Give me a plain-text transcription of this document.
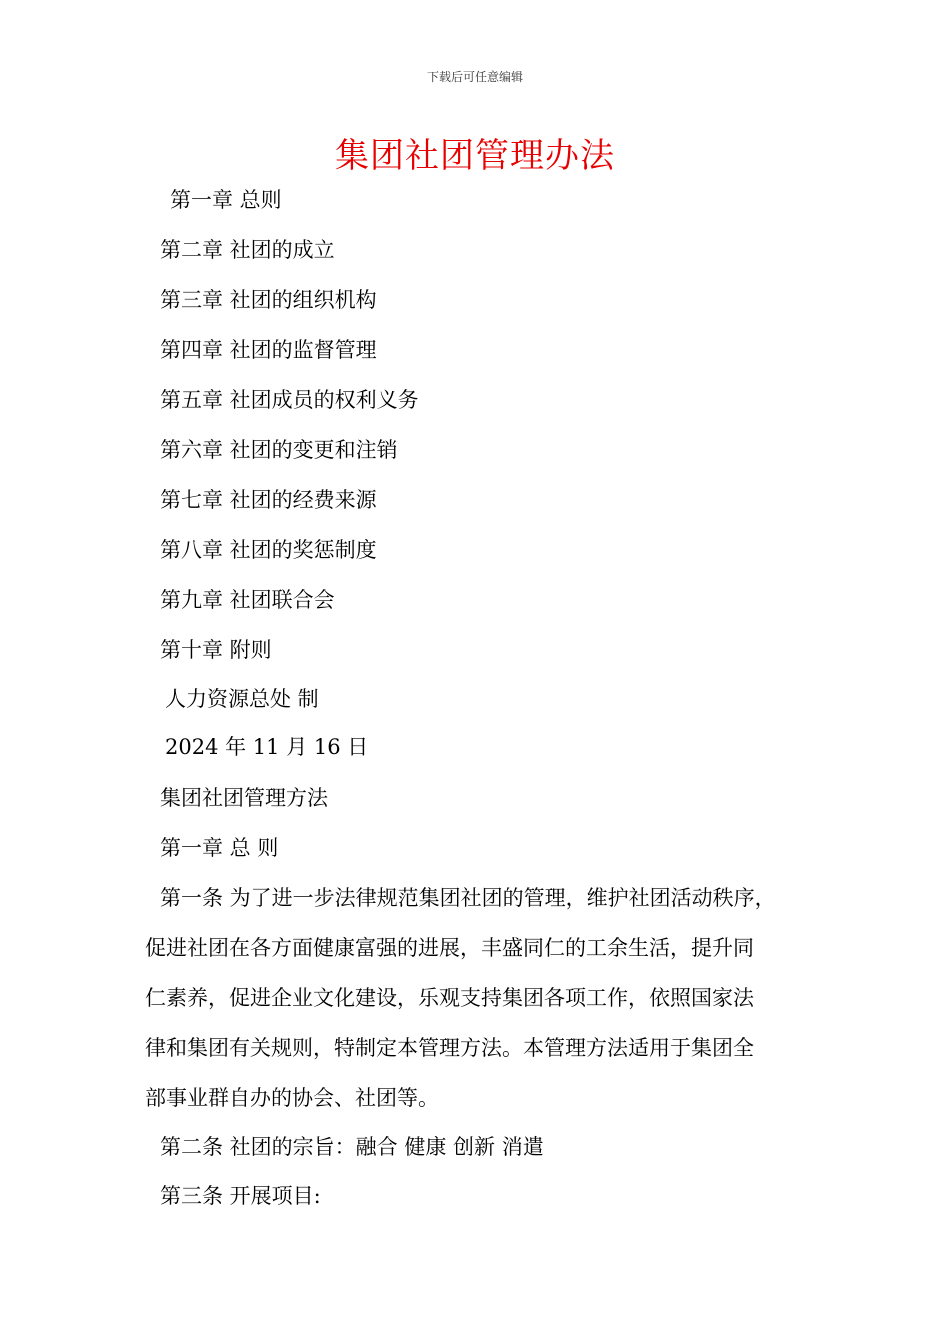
下载后可任意编辑
集团社团管理办法
第一章 总则
第二章 社团的成立
第三章 社团的组织机构
第四章 社团的监督管理
第五章 社团成员的权利义务
第六章 社团的变更和注销
第七章 社团的经费来源
第八章 社团的奖惩制度
第九章 社团联合会
第十章 附则
人力资源总处 制
2024 年 11 月 16 日
集团社团管理方法
第一章 总 则
第一条 为了进一步法律规范集团社团的管理，维护社团活动秩序，
促进社团在各方面健康富强的进展，丰盛同仁的工余生活，提升同
仁素养，促进企业文化建设，乐观支持集团各项工作，依照国家法
律和集团有关规则，特制定本管理方法。本管理方法适用于集团全
部事业群自办的协会、社团等。
第二条 社团的宗旨：融合 健康 创新 消遣
第三条 开展项目:
